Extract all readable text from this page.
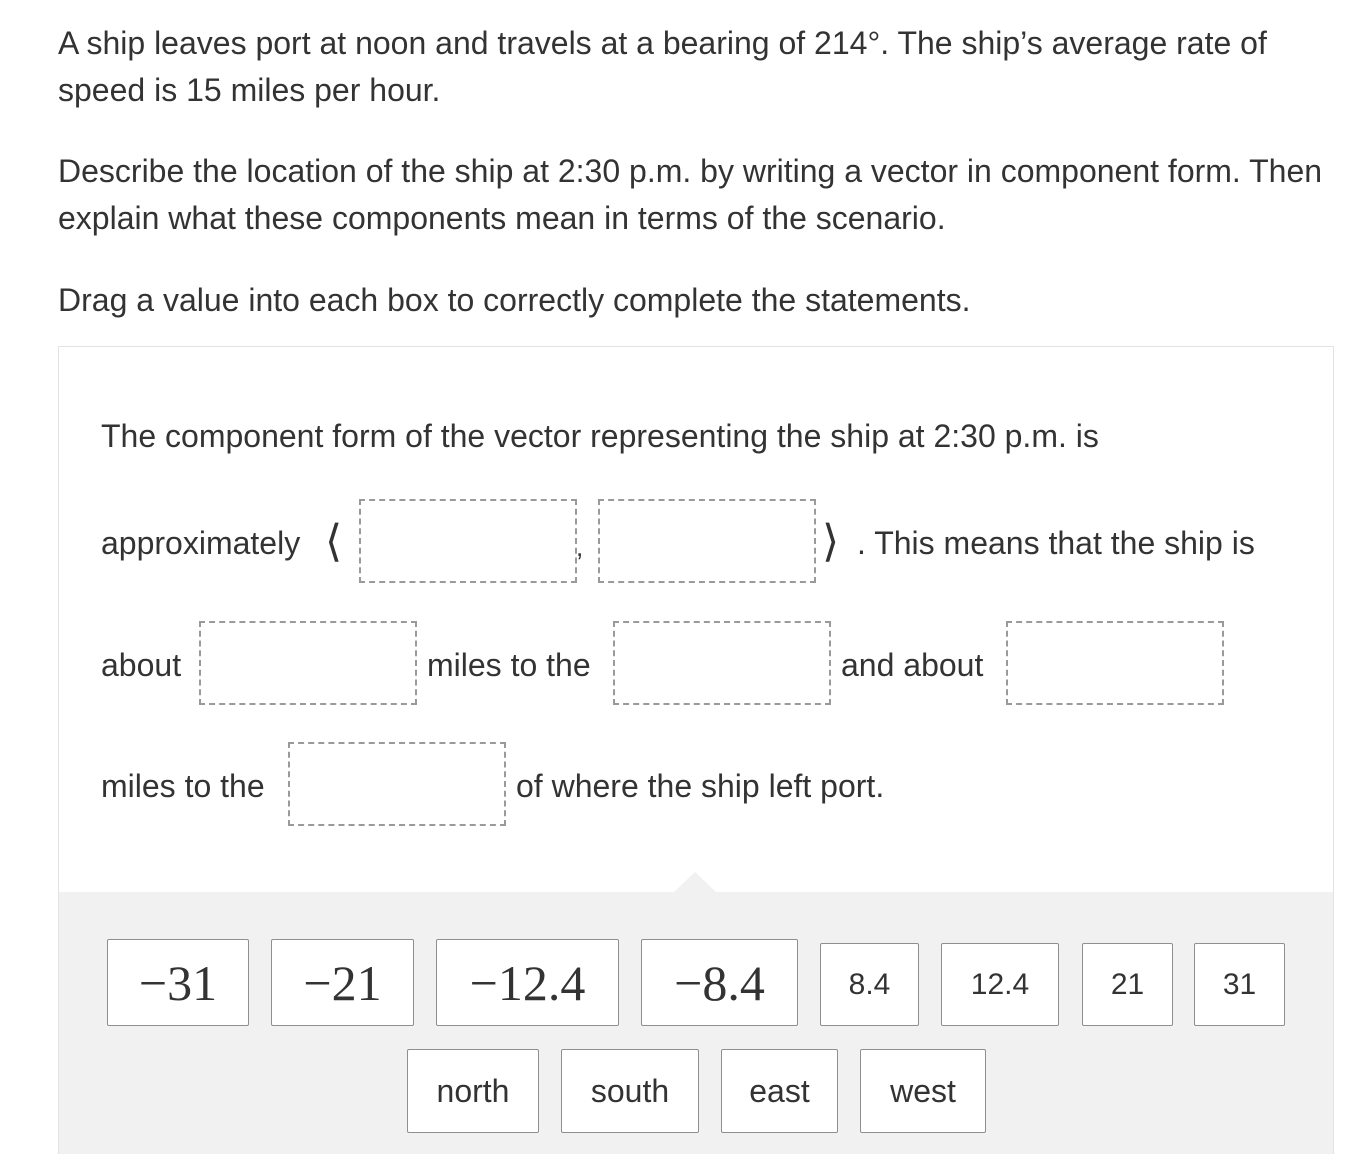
A ship leaves port at noon and travels at a bearing of 214°. The ship’s average rate of speed is 15 miles per hour.
Describe the location of the ship at 2:30 p.m. by writing a vector in component form. Then explain what these components mean in terms of the scenario.
Drag a value into each box to correctly complete the statements.
The component form of the vector representing the ship at 2:30 p.m. is
approximately ⟨	,	⟩ . This means that the ship is
about	miles to the	and about
miles to the	of where the ship left port.
−31	−21	−12.4	−8.4	8.4	12.4	21	31
north	south	east	west
